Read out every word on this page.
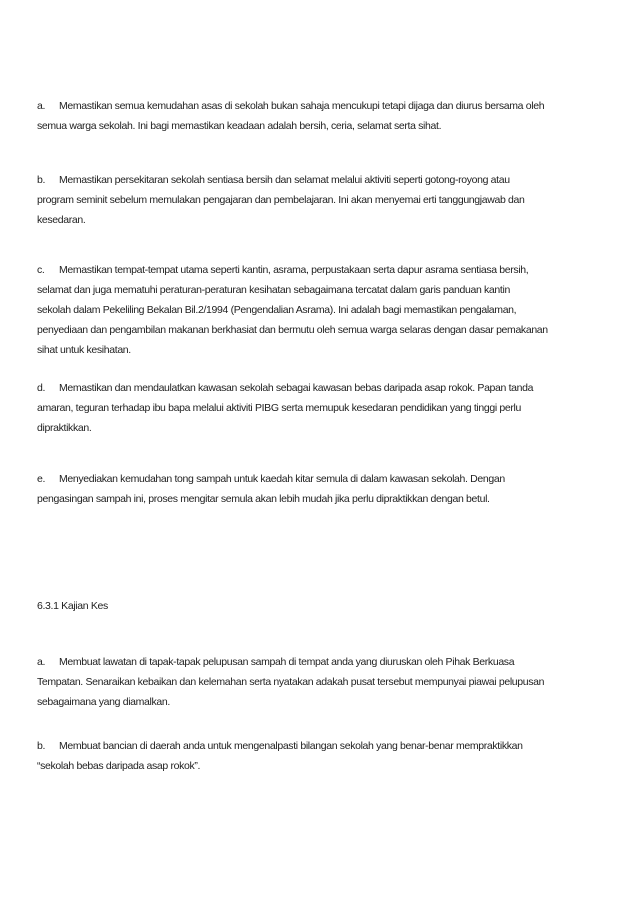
a. Memastikan semua kemudahan asas di sekolah bukan sahaja mencukupi tetapi dijaga dan diurus bersama oleh
semua warga sekolah. Ini bagi memastikan keadaan adalah bersih, ceria, selamat serta sihat.
b. Memastikan persekitaran sekolah sentiasa bersih dan selamat melalui aktiviti seperti gotong-royong atau
program seminit sebelum memulakan pengajaran dan pembelajaran. Ini akan menyemai erti tanggungjawab dan
kesedaran.
c. Memastikan tempat-tempat utama seperti kantin, asrama, perpustakaan serta dapur asrama sentiasa bersih,
selamat dan juga mematuhi peraturan-peraturan kesihatan sebagaimana tercatat dalam garis panduan kantin
sekolah dalam Pekeliling Bekalan Bil.2/1994 (Pengendalian Asrama). Ini adalah bagi memastikan pengalaman,
penyediaan dan pengambilan makanan berkhasiat dan bermutu oleh semua warga selaras dengan dasar pemakanan
sihat untuk kesihatan.
d. Memastikan dan mendaulatkan kawasan sekolah sebagai kawasan bebas daripada asap rokok. Papan tanda
amaran, teguran terhadap ibu bapa melalui aktiviti PIBG serta memupuk kesedaran pendidikan yang tinggi perlu
dipraktikkan.
e. Menyediakan kemudahan tong sampah untuk kaedah kitar semula di dalam kawasan sekolah. Dengan
pengasingan sampah ini, proses mengitar semula akan lebih mudah jika perlu dipraktikkan dengan betul.
6.3.1 Kajian Kes
a. Membuat lawatan di tapak-tapak pelupusan sampah di tempat anda yang diuruskan oleh Pihak Berkuasa
Tempatan. Senaraikan kebaikan dan kelemahan serta nyatakan adakah pusat tersebut mempunyai piawai pelupusan
sebagaimana yang diamalkan.
b. Membuat bancian di daerah anda untuk mengenalpasti bilangan sekolah yang benar-benar mempraktikkan
“sekolah bebas daripada asap rokok”.
